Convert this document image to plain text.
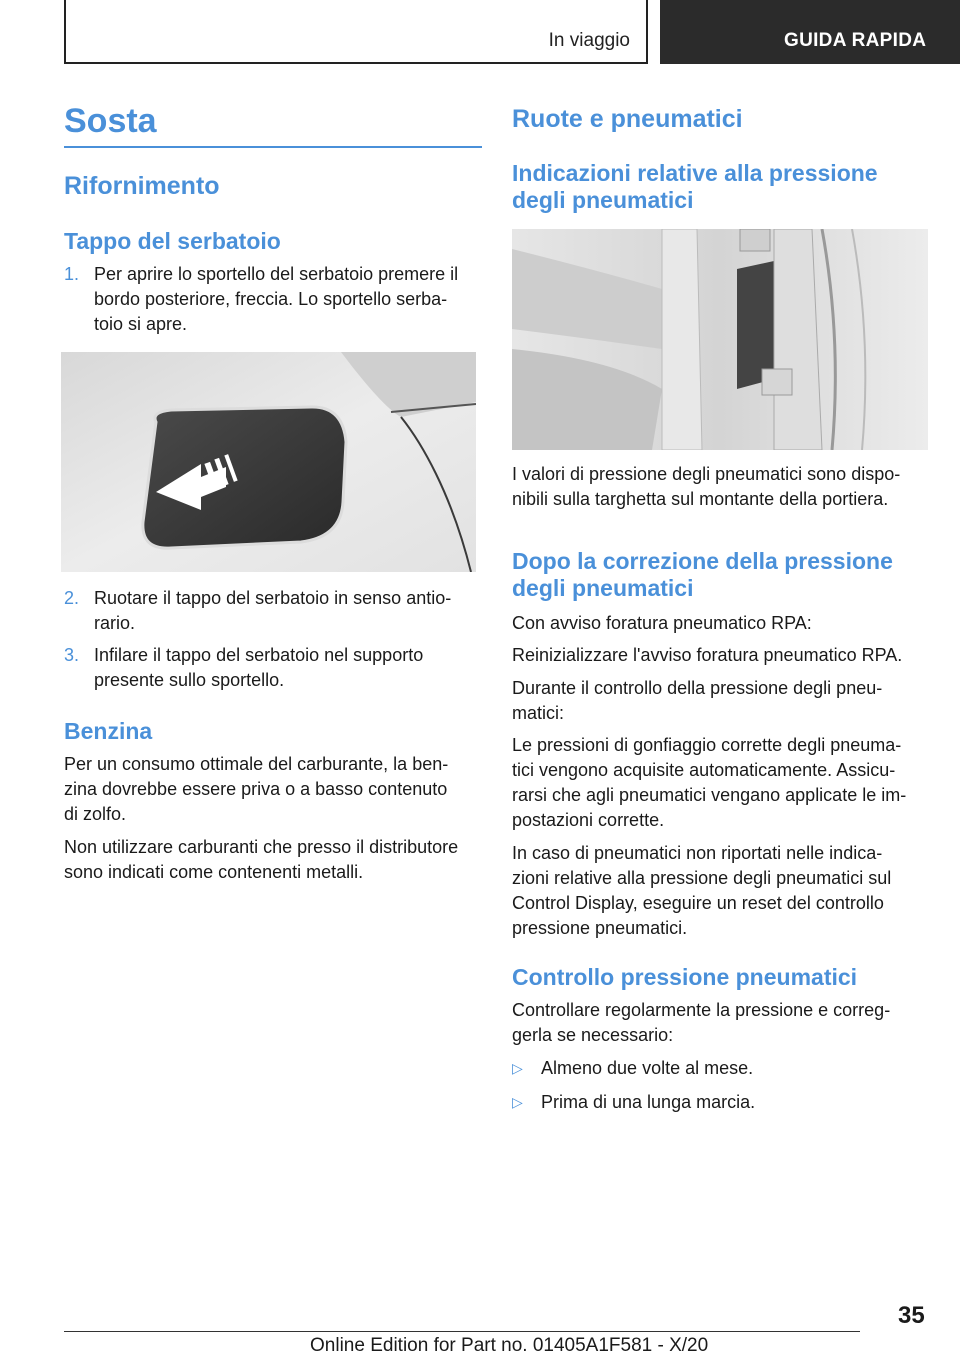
In viaggio	GUIDA RAPIDA
Sosta
Rifornimento
Tappo del serbatoio
1. Per aprire lo sportello del serbatoio premere il
bordo posteriore, freccia. Lo sportello serba-
toio si apre.

2. Ruotare il tappo del serbatoio in senso antio-
rario.

3. Infilare il tappo del serbatoio nel supporto
presente sullo sportello.

Benzina

Per un consumo ottimale del carburante, la ben-
zina dovrebbe essere priva o a basso contenuto
di zolfo.

Non utilizzare carburanti che presso il distributore
sono indicati come contenenti metalli.

Ruote e pneumatici
Indicazioni relative alla pressione
degli pneumatici

I valori di pressione degli pneumatici sono dispo-
nibili sulla targhetta sul montante della portiera.

Dopo la correzione della pressione
degli pneumatici

Con avviso foratura pneumatico RPA:

Reinizializzare l'avviso foratura pneumatico RPA.

Durante il controllo della pressione degli pneu-
matici:

Le pressioni di gonfiaggio corrette degli pneuma-
tici vengono acquisite automaticamente. Assicu-
rarsi che agli pneumatici vengano applicate le im-
postazioni corrette.

In caso di pneumatici non riportati nelle indica-
zioni relative alla pressione degli pneumatici sul
Control Display, eseguire un reset del controllo
pressione pneumatici.

Controllo pressione pneumatici

Controllare regolarmente la pressione e correg-
gerla se necessario:

▷ Almeno due volte al mese.

▷ Prima di una lunga marcia.

35
Online Edition for Part no. 01405A1F581 - X/20
